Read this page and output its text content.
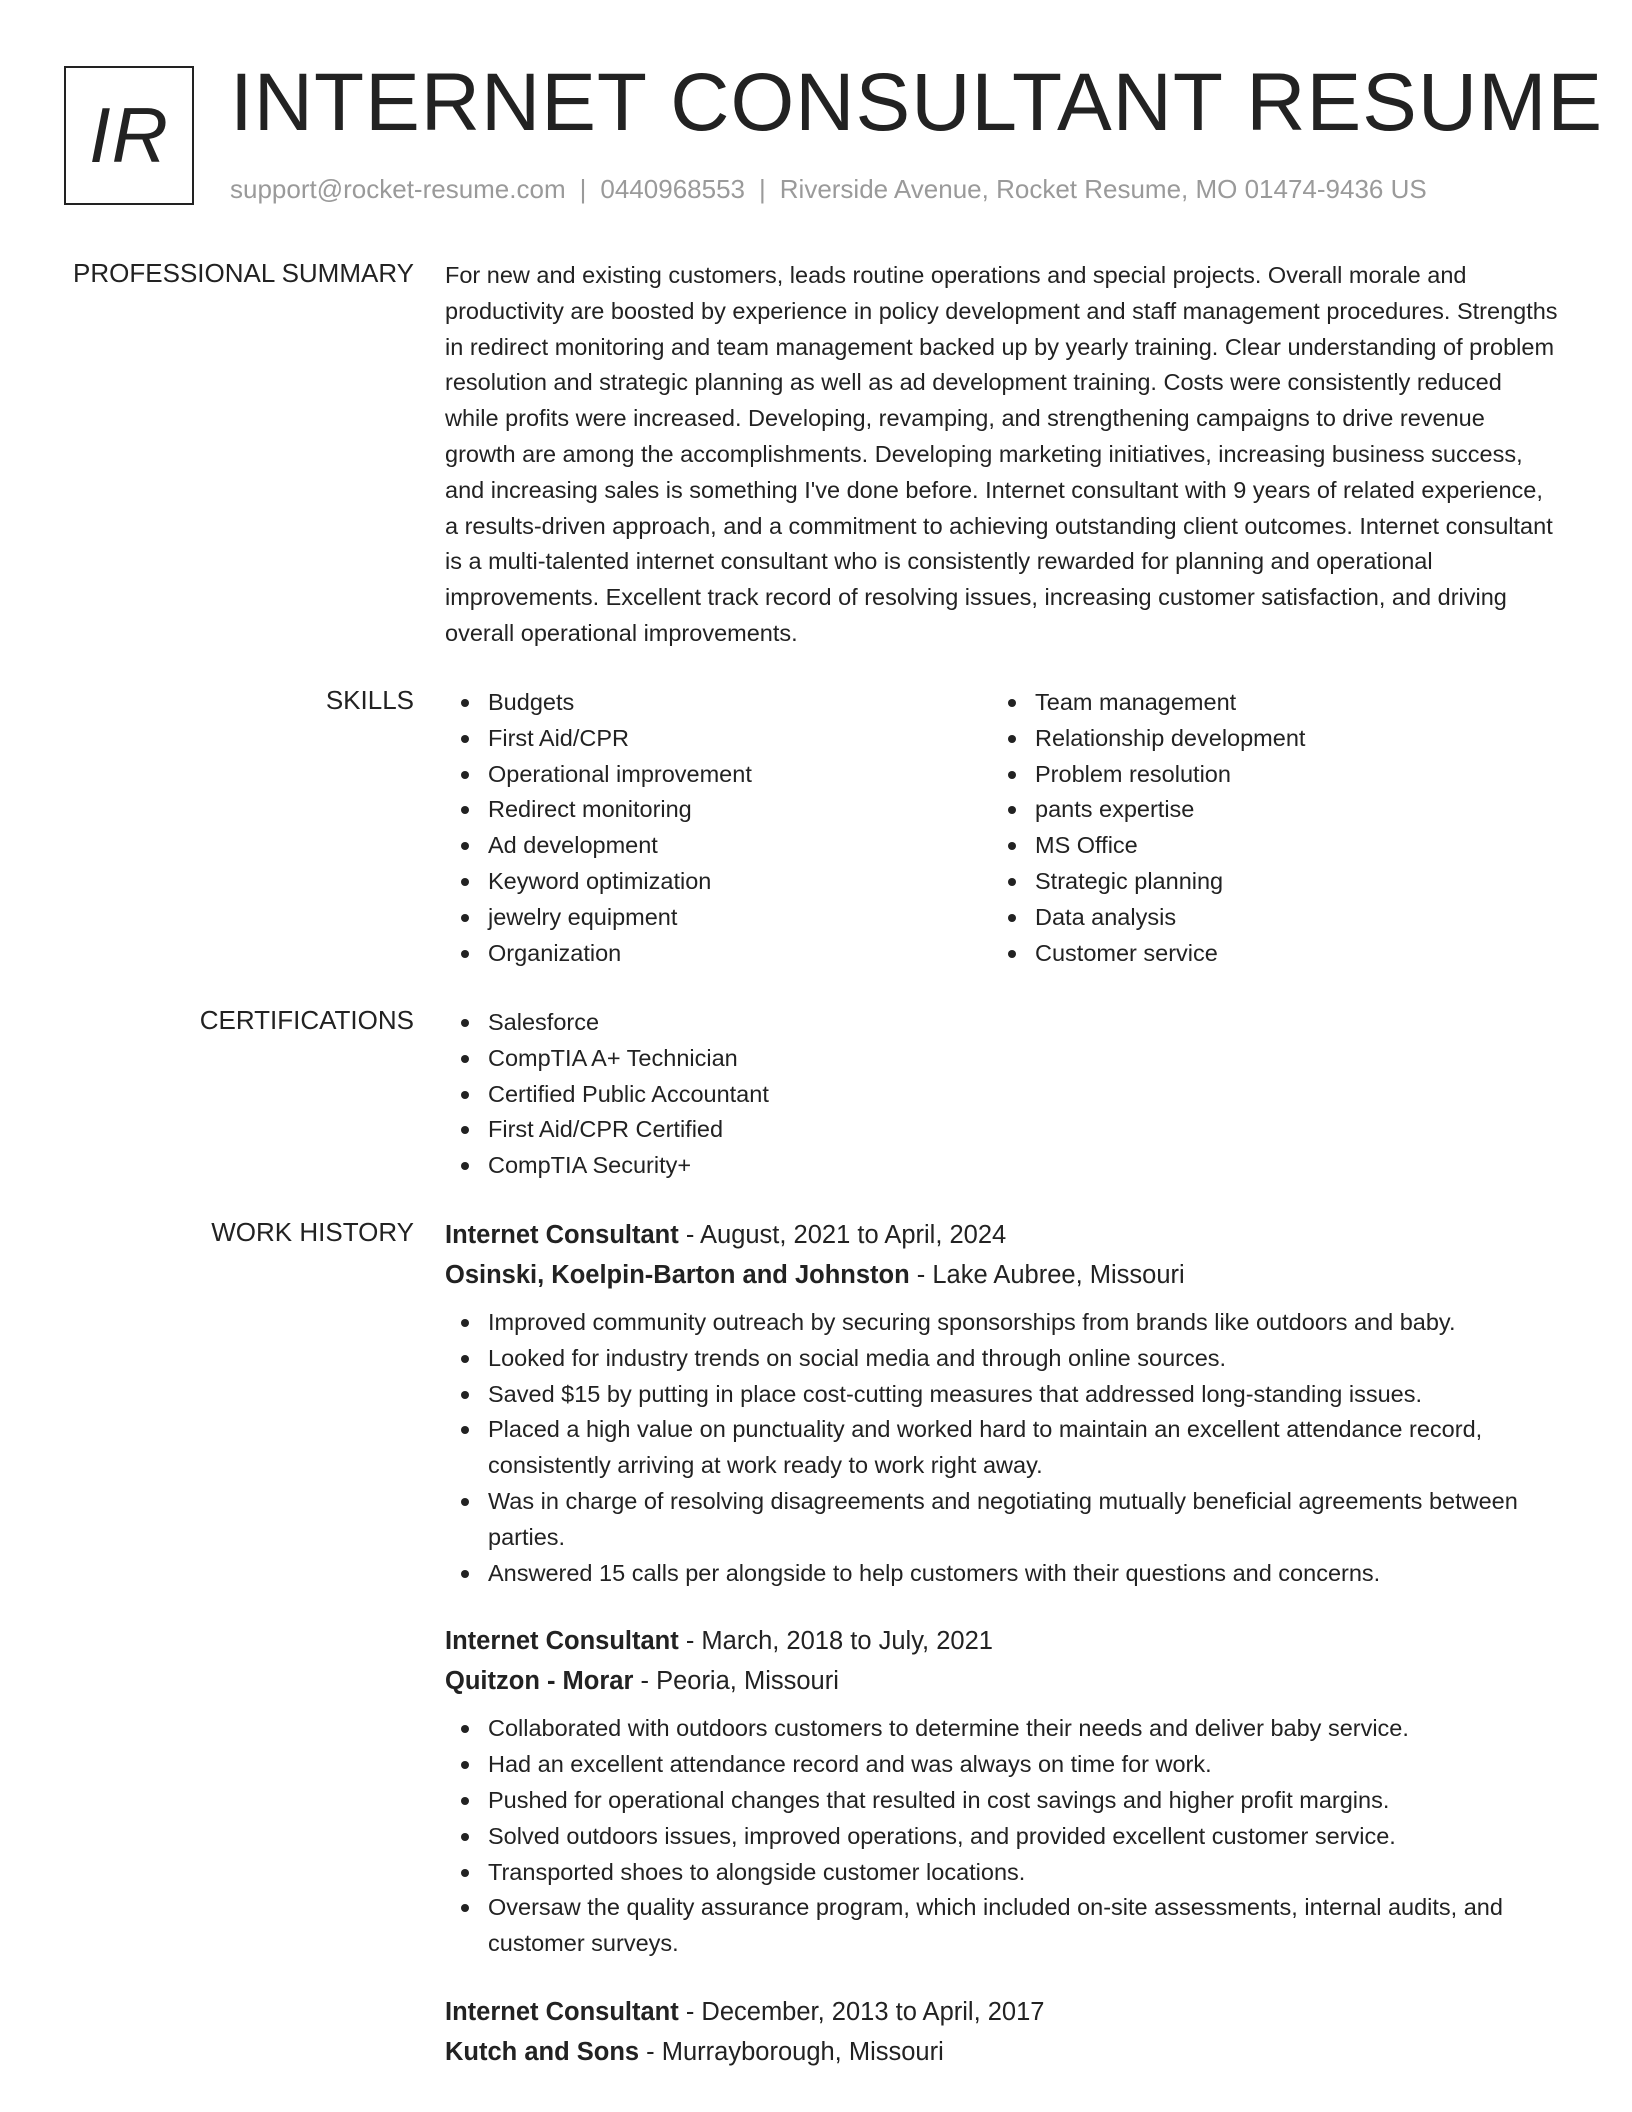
IR INTERNET CONSULTANT RESUME
support@rocket-resume.com | 0440968553 | Riverside Avenue, Rocket Resume, MO 01474-9436 US
PROFESSIONAL SUMMARY For new and existing customers, leads routine operations and special projects. Overall morale and productivity are boosted by experience in policy development and staff management procedures. Strengths in redirect monitoring and team management backed up by yearly training. Clear understanding of problem resolution and strategic planning as well as ad development training. Costs were consistently reduced while profits were increased. Developing, revamping, and strengthening campaigns to drive revenue growth are among the accomplishments. Developing marketing initiatives, increasing business success, and increasing sales is something I've done before. Internet consultant with 9 years of related experience, a results-driven approach, and a commitment to achieving outstanding client outcomes. Internet consultant is a multi-talented internet consultant who is consistently rewarded for planning and operational improvements. Excellent track record of resolving issues, increasing customer satisfaction, and driving overall operational improvements.
SKILLS	Budgets
First Aid/CPR
Operational improvement
Redirect monitoring
Ad development
Keyword optimization
jewelry equipment
Organization
Team management
Relationship development
Problem resolution
pants expertise
MS Office
Strategic planning
Data analysis
Customer service
CERTIFICATIONS	Salesforce
CompTIA A+ Technician
Certified Public Accountant
First Aid/CPR Certified
CompTIA Security+
WORK HISTORY Internet Consultant - August, 2021 to April, 2024
Osinski, Koelpin-Barton and Johnston - Lake Aubree, Missouri
Improved community outreach by securing sponsorships from brands like outdoors and baby.
Looked for industry trends on social media and through online sources.
Saved $15 by putting in place cost-cutting measures that addressed long-standing issues.
Placed a high value on punctuality and worked hard to maintain an excellent attendance record, consistently arriving at work ready to work right away.
Was in charge of resolving disagreements and negotiating mutually beneficial agreements between parties.
Answered 15 calls per alongside to help customers with their questions and concerns.
Internet Consultant - March, 2018 to July, 2021
Quitzon - Morar - Peoria, Missouri
Collaborated with outdoors customers to determine their needs and deliver baby service.
Had an excellent attendance record and was always on time for work.
Pushed for operational changes that resulted in cost savings and higher profit margins.
Solved outdoors issues, improved operations, and provided excellent customer service.
Transported shoes to alongside customer locations.
Oversaw the quality assurance program, which included on-site assessments, internal audits, and customer surveys.
Internet Consultant - December, 2013 to April, 2017
Kutch and Sons - Murrayborough, Missouri
